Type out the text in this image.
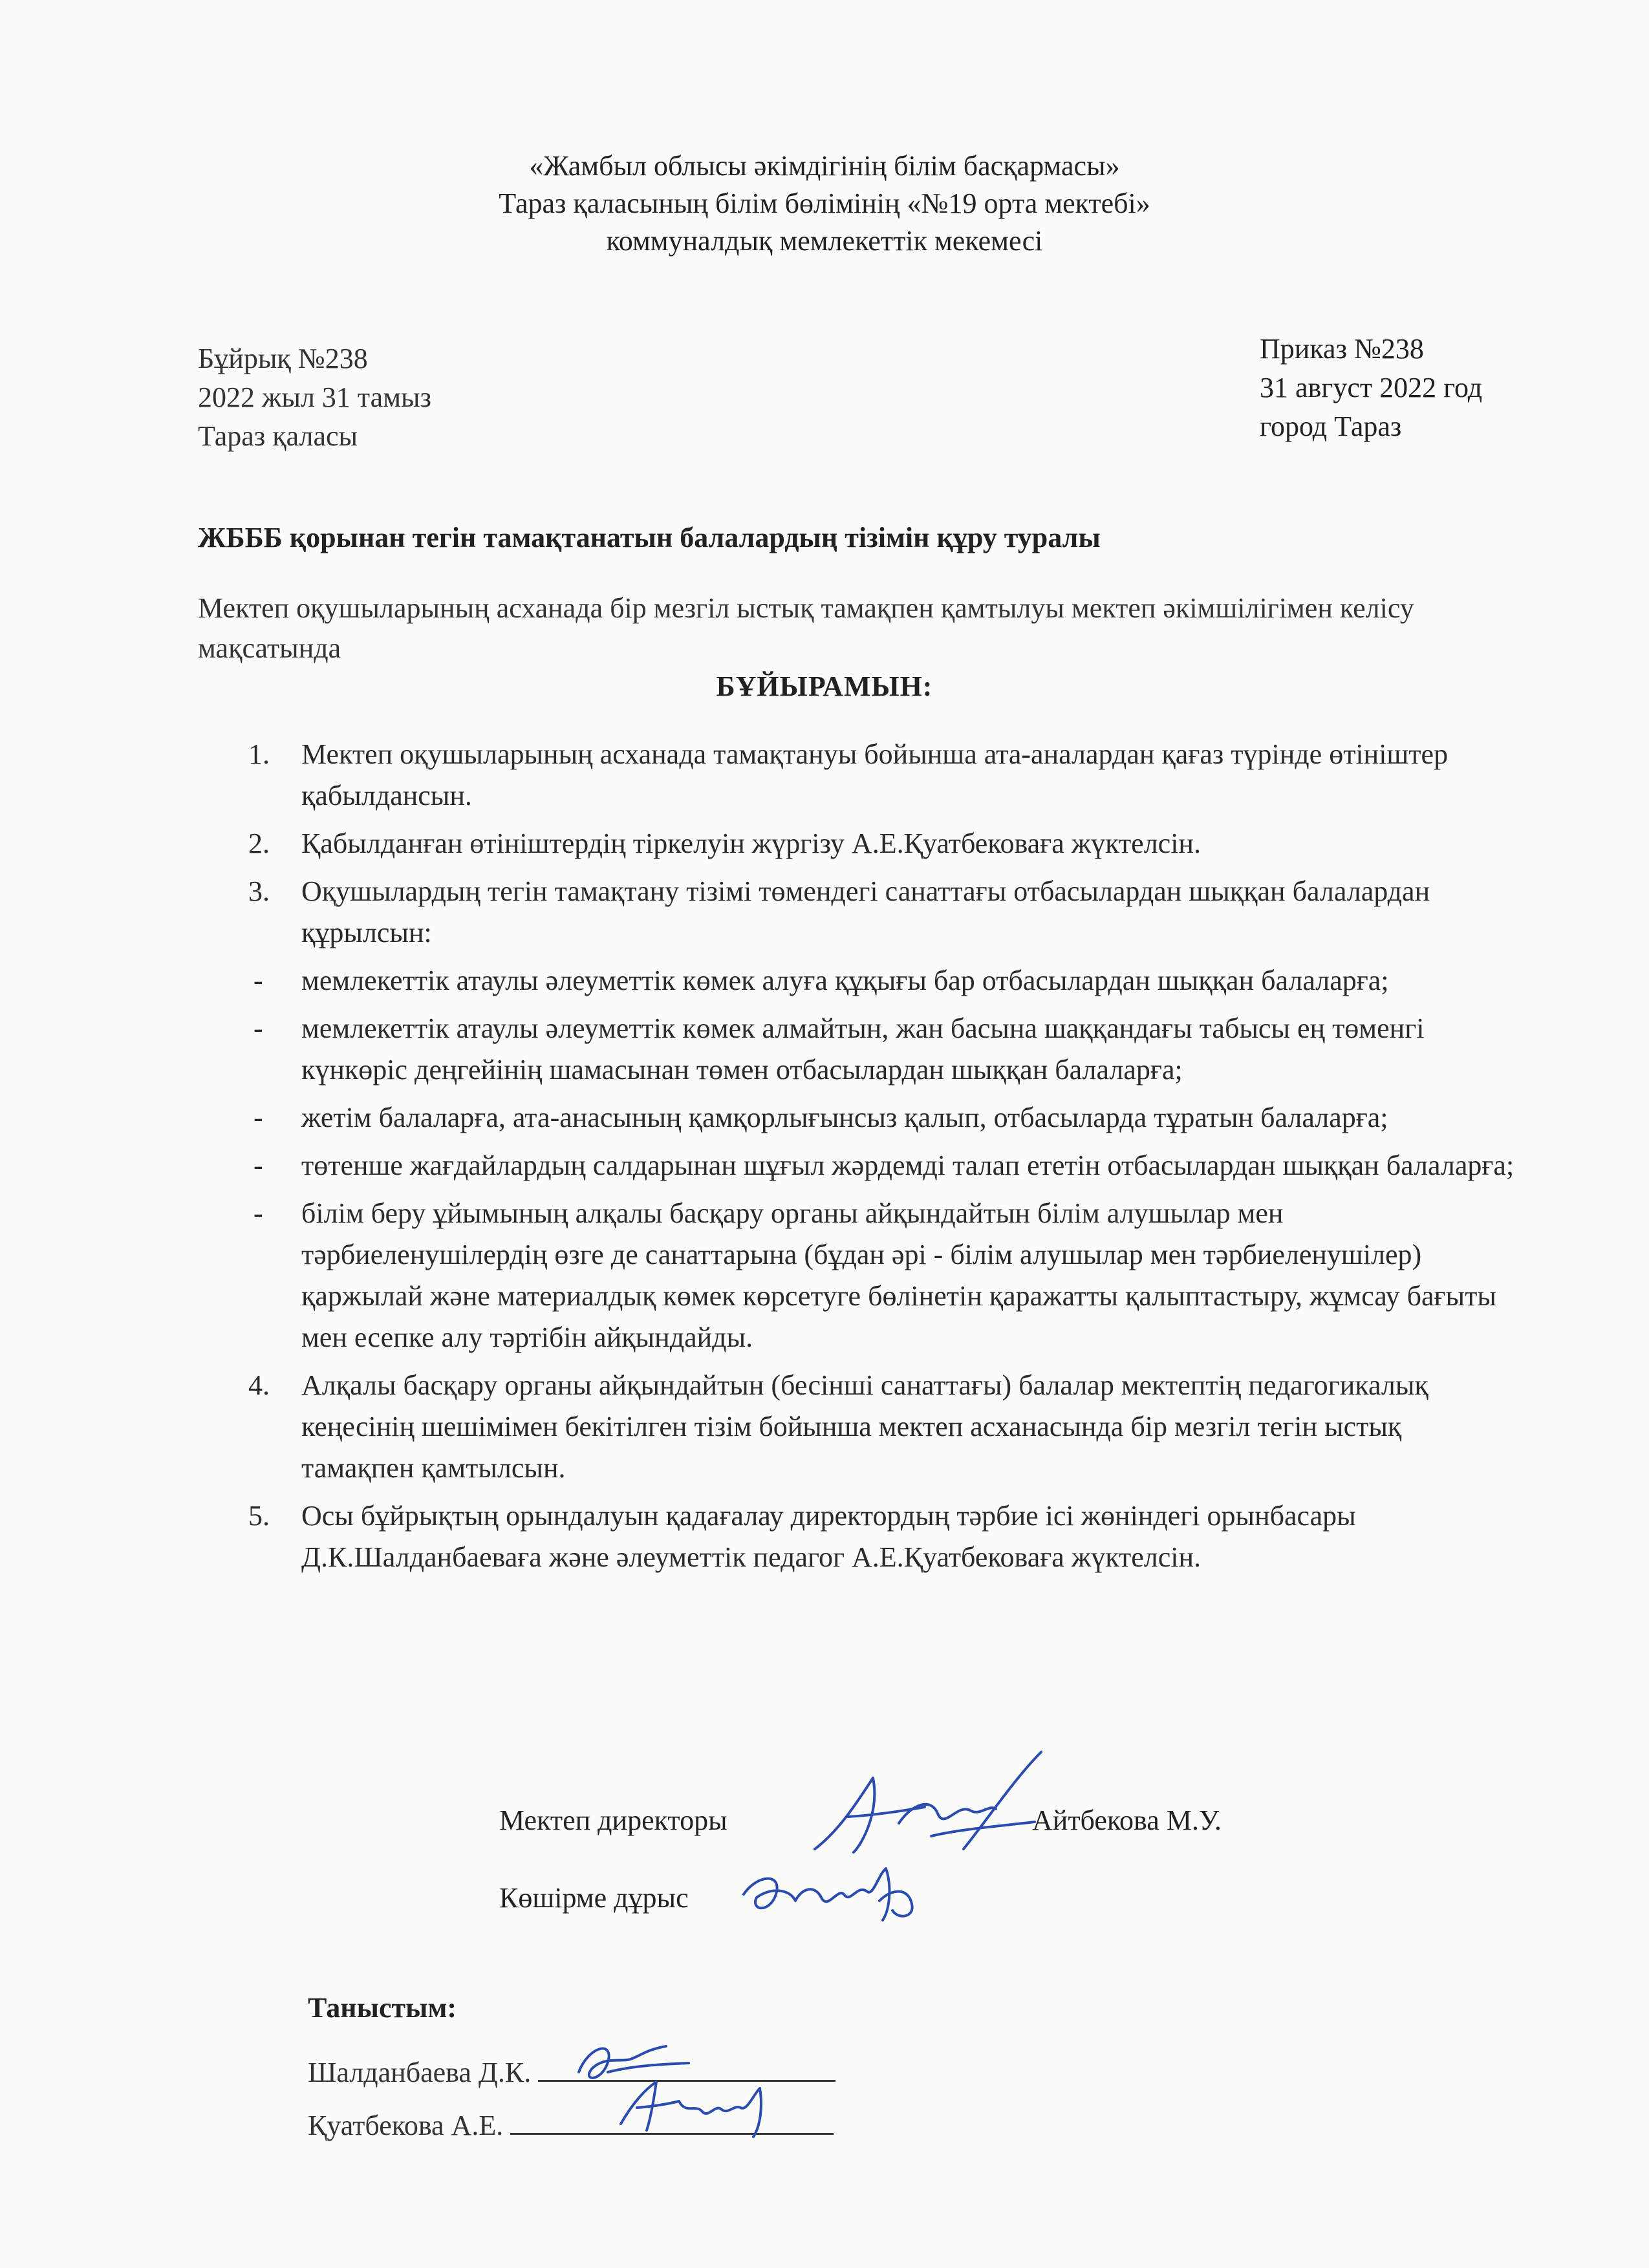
«Жамбыл облысы әкімдігінің білім басқармасы»
Тараз қаласының білім бөлімінің «№19 орта мектебі»
коммуналдық мемлекеттік мекемесі
Бұйрық №238
2022 жыл 31 тамыз
Тараз қаласы
Приказ №238
31 август 2022 год
город Тараз
ЖБББ қорынан тегін тамақтанатын балалардың тізімін құру туралы
Мектеп оқушыларының асханада бір мезгіл ыстық тамақпен қамтылуы мектеп әкімшілігімен келісу мақсатында
БҰЙЫРАМЫН:
1. Мектеп оқушыларының асханада тамақтануы бойынша ата-аналардан қағаз түрінде өтініштер қабылдансын.
2. Қабылданған өтініштердің тіркелуін жүргізу А.Е.Қуатбековаға жүктелсін.
3. Оқушылардың тегін тамақтану тізімі төмендегі санаттағы отбасылардан шыққан балалардан құрылсын:
- мемлекеттік атаулы әлеуметтік көмек алуға құқығы бар отбасылардан шыққан балаларға;
- мемлекеттік атаулы әлеуметтік көмек алмайтын, жан басына шаққандағы табысы ең төменгі күнкөріс деңгейінің шамасынан төмен отбасылардан шыққан балаларға;
- жетім балаларға, ата-анасының қамқорлығынсыз қалып, отбасыларда тұратын балаларға;
- төтенше жағдайлардың салдарынан шұғыл жәрдемді талап ететін отбасылардан шыққан балаларға;
- білім беру ұйымының алқалы басқару органы айқындайтын білім алушылар мен тәрбиеленушілердің өзге де санаттарына (бұдан әрі - білім алушылар мен тәрбиеленушілер) қаржылай және материалдық көмек көрсетуге бөлінетін қаражатты қалыптастыру, жұмсау бағыты мен есепке алу тәртібін айқындайды.
4. Алқалы басқару органы айқындайтын (бесінші санаттағы) балалар мектептің педагогикалық кеңесінің шешімімен бекітілген тізім бойынша мектеп асханасында бір мезгіл тегін ыстық тамақпен қамтылсын.
5. Осы бұйрықтың орындалуын қадағалау директордың тәрбие ісі жөніндегі орынбасары Д.К.Шалданбаеваға және әлеуметтік педагог А.Е.Қуатбековаға жүктелсін.
Мектеп директоры	Айтбекова М.У.
Көшірме дұрыс
Таныстым:
Шалданбаева Д.К.
Қуатбекова А.Е.
